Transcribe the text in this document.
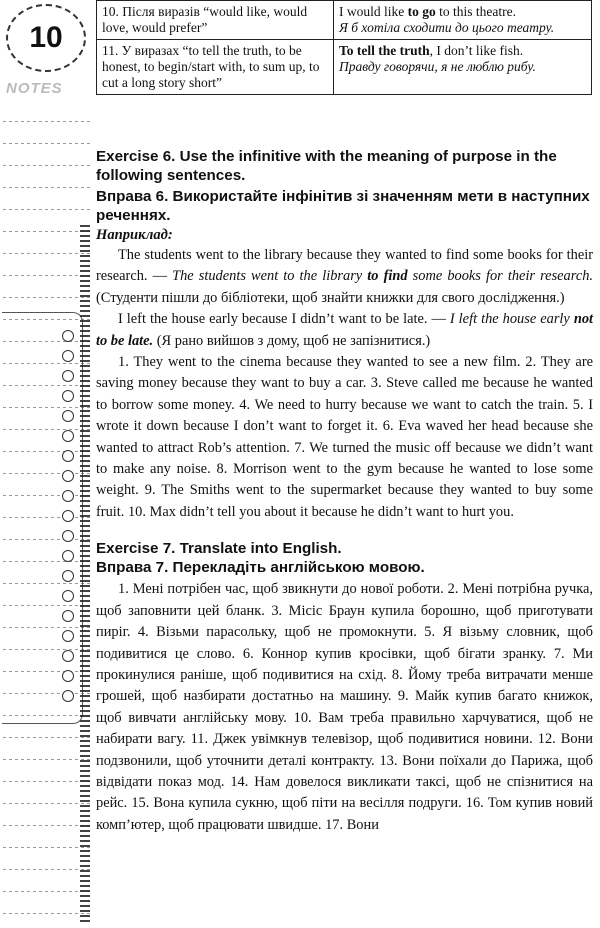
10
NOTES
10. Після виразів “would like, would love, would prefer”	I would like to go to this theatre.
Я б хотіла сходити до цього театру.
11. У виразах “to tell the truth, to be honest, to begin/start with, to sum up, to cut a long story short”	To tell the truth, I don’t like fish.
Правду говорячи, я не люблю рибу.

Exercise 6. Use the infinitive with the meaning of purpose in the following sentences.

Вправа 6. Використайте інфінітив зі значенням мети в наступних реченнях.

Наприклад:

The students went to the library because they wanted to find some books for their research. — The students went to the library to find some books for their research. (Студенти пішли до бібліотеки, щоб знайти книжки для свого дослідження.)

I left the house early because I didn’t want to be late. — I left the house early not to be late. (Я рано вийшов з дому, щоб не запізнитися.)

1. They went to the cinema because they wanted to see a new film. 2. They are saving money because they want to buy a car. 3. Steve called me because he wanted to borrow some money. 4. We need to hurry because we want to catch the train. 5. I wrote it down because I don’t want to forget it. 6. Eva waved her head because she wanted to attract Rob’s attention. 7. We turned the music off because we didn’t want to make any noise. 8. Morrison went to the gym because he wanted to lose some weight. 9. The Smiths went to the supermarket because they wanted to buy some fruit. 10. Max didn’t tell you about it because he didn’t want to hurt you.

Exercise 7. Translate into English.

Вправа 7. Перекладіть англійською мовою.

1. Мені потрібен час, щоб звикнути до нової роботи. 2. Мені потрібна ручка, щоб заповнити цей бланк. 3. Місіс Браун купила борошно, щоб приготувати пиріг. 4. Візьми парасольку, щоб не промокнути. 5. Я візьму словник, щоб подивитися це слово. 6. Коннор купив кросівки, щоб бігати зранку. 7. Ми прокинулися раніше, щоб подивитися на схід. 8. Йому треба витрачати менше грошей, щоб назбирати достатньо на машину. 9. Майк купив багато книжок, щоб вивчати англійську мову. 10. Вам треба правильно харчуватися, щоб не набирати вагу. 11. Джек увімкнув телевізор, щоб подивитися новини. 12. Вони подзвонили, щоб уточнити деталі контракту. 13. Вони поїхали до Парижа, щоб відвідати показ мод. 14. Нам довелося викликати таксі, щоб не спізнитися на рейс. 15. Вона купила сукню, щоб піти на весілля подруги. 16. Том купив новий комп’ютер, щоб працювати швидше. 17. Вони
